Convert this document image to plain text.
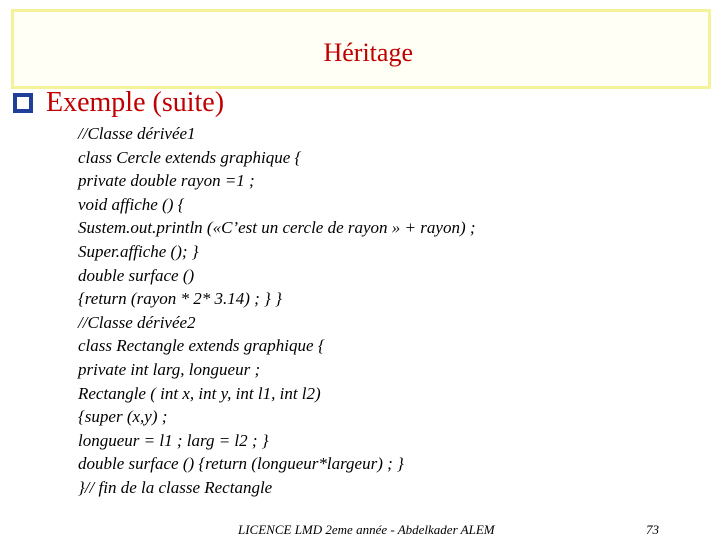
Héritage
Exemple (suite)
//Classe dérivée1
class Cercle extends graphique {
private double rayon =1 ;
void affiche () {
Sustem.out.println («C’est un cercle de rayon » + rayon) ;
Super.affiche (); }
double surface ()
{return (rayon * 2* 3.14) ; } }
//Classe dérivée2
class Rectangle extends graphique {
private int larg, longueur ;
Rectangle ( int x, int y, int l1, int l2)
{super (x,y) ;
longueur = l1 ; larg = l2 ; }
double surface () {return (longueur*largeur) ; }
}// fin de la classe Rectangle
LICENCE LMD 2eme année - Abdelkader ALEM	73
